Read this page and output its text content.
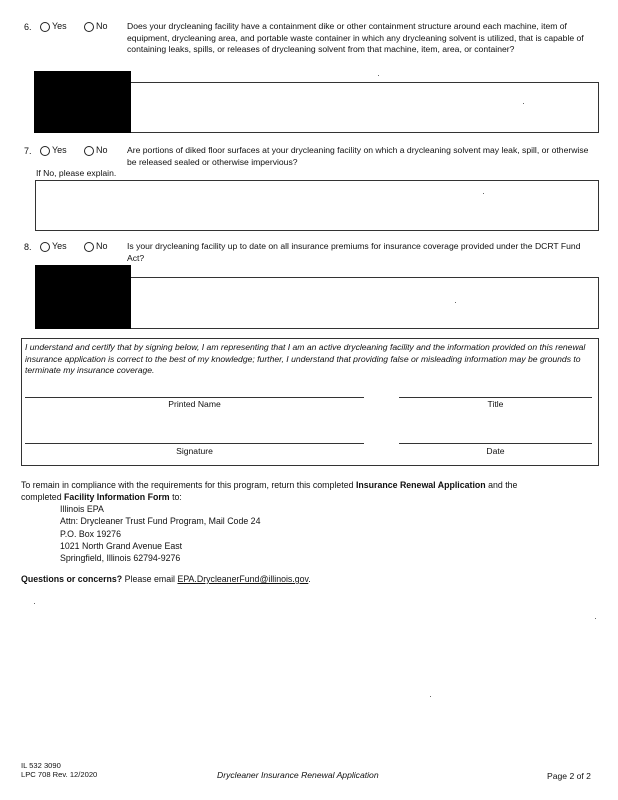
6.	Yes	No Does your drycleaning facility have a containment dike or other containment structure around each machine, item of equipment, drycleaning area, and portable waste container in which any drycleaning solvent is utilized, that is capable of containing leaks, spills, or releases of drycleaning solvent from that machine, item, area, or container?
7.	Yes	No Are portions of diked floor surfaces at your drycleaning facility on which a drycleaning solvent may leak, spill, or otherwise be released sealed or otherwise impervious?
If No, please explain.
8.	Yes	No Is your drycleaning facility up to date on all insurance premiums for insurance coverage provided under the DCRT Fund Act?
I understand and certify that by signing below, I am representing that I am an active drycleaning facility and the information provided on this renewal insurance application is correct to the best of my knowledge; further, I understand that providing false or misleading information may be grounds to terminate my insurance coverage.
Printed Name	Title
Signature	Date
To remain in compliance with the requirements for this program, return this completed Insurance Renewal Application and the
completed Facility Information Form to:
Illinois EPA
Attn: Drycleaner Trust Fund Program, Mail Code 24
P.O. Box 19276
1021 North Grand Avenue East
Springfield, Illinois 62794-9276
Questions or concerns? Please email EPA.DrycleanerFund@illinois.gov.
IL 532 3090
LPC 708 Rev. 12/2020	Drycleaner Insurance Renewal Application	Page 2 of 2
